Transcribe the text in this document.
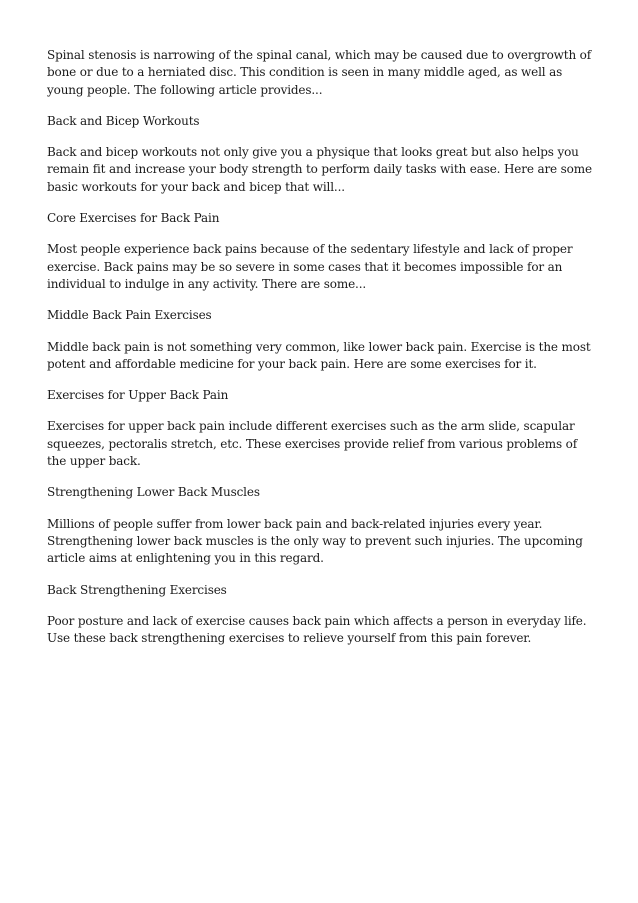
Spinal stenosis is narrowing of the spinal canal, which may be caused due to overgrowth of bone or due to a herniated disc. This condition is seen in many middle aged, as well as young people. The following article provides...

Back and Bicep Workouts

Back and bicep workouts not only give you a physique that looks great but also helps you remain fit and increase your body strength to perform daily tasks with ease. Here are some basic workouts for your back and bicep that will...

Core Exercises for Back Pain

Most people experience back pains because of the sedentary lifestyle and lack of proper exercise. Back pains may be so severe in some cases that it becomes impossible for an individual to indulge in any activity. There are some...

Middle Back Pain Exercises

Middle back pain is not something very common, like lower back pain. Exercise is the most potent and affordable medicine for your back pain. Here are some exercises for it.

Exercises for Upper Back Pain

Exercises for upper back pain include different exercises such as the arm slide, scapular squeezes, pectoralis stretch, etc. These exercises provide relief from various problems of the upper back.

Strengthening Lower Back Muscles

Millions of people suffer from lower back pain and back-related injuries every year. Strengthening lower back muscles is the only way to prevent such injuries. The upcoming article aims at enlightening you in this regard.

Back Strengthening Exercises

Poor posture and lack of exercise causes back pain which affects a person in everyday life. Use these back strengthening exercises to relieve yourself from this pain forever.
